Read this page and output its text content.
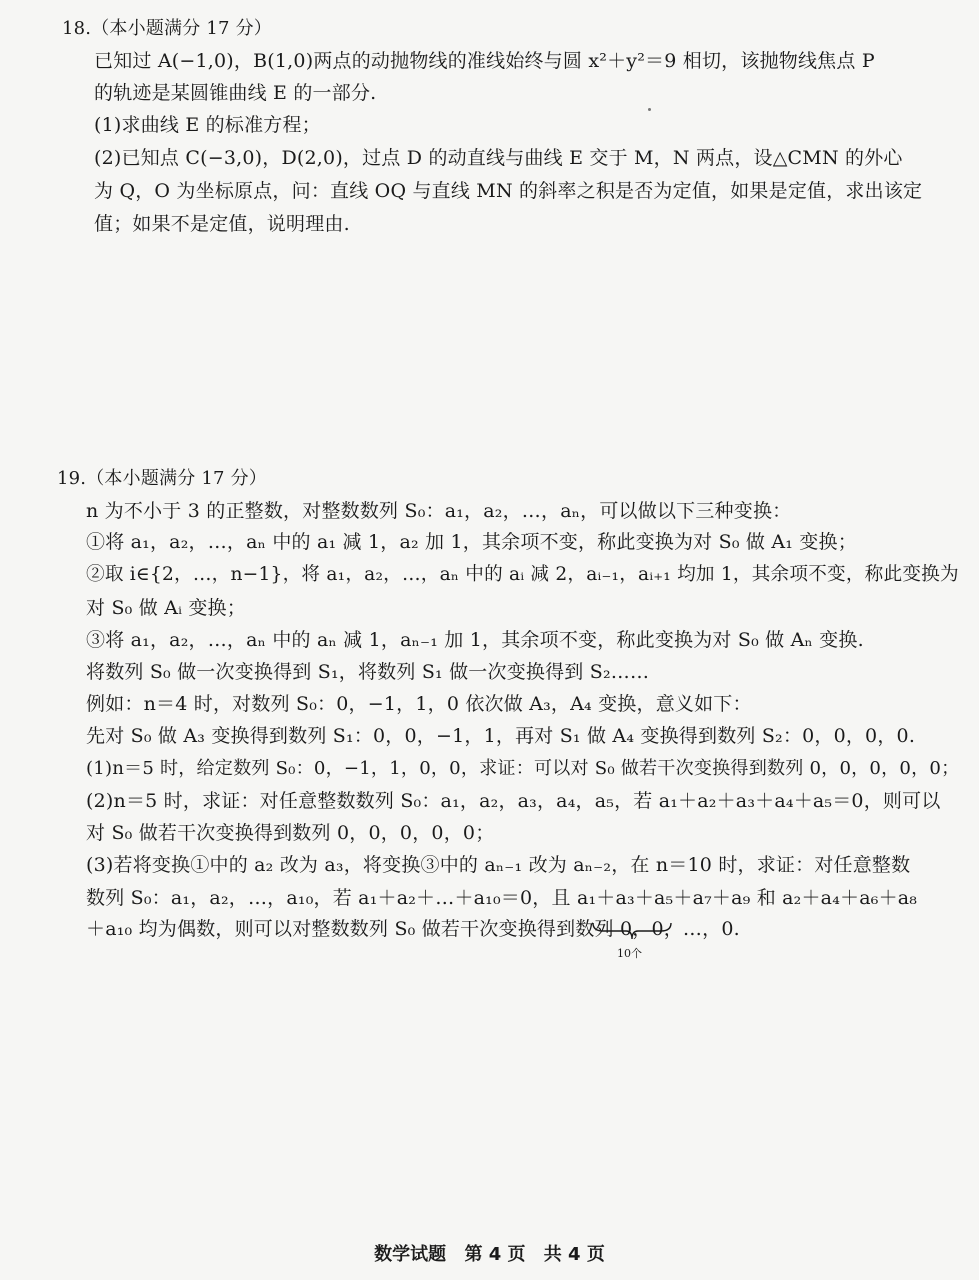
18.（本小题满分 17 分）
已知过 A(−1,0)，B(1,0)两点的动抛物线的准线始终与圆 x²＋y²＝9 相切，该抛物线焦点 P
的轨迹是某圆锥曲线 E 的一部分.
(1)求曲线 E 的标准方程；
(2)已知点 C(−3,0)，D(2,0)，过点 D 的动直线与曲线 E 交于 M，N 两点，设△CMN 的外心
为 Q，O 为坐标原点，问：直线 OQ 与直线 MN 的斜率之积是否为定值，如果是定值，求出该定
值；如果不是定值，说明理由.
19.（本小题满分 17 分）
n 为不小于 3 的正整数，对整数数列 S₀：a₁，a₂，…，aₙ，可以做以下三种变换：
①将 a₁，a₂，…，aₙ 中的 a₁ 减 1，a₂ 加 1，其余项不变，称此变换为对 S₀ 做 A₁ 变换；
②取 i∈{2，…，n−1}，将 a₁，a₂，…，aₙ 中的 aᵢ 减 2，aᵢ₋₁，aᵢ₊₁ 均加 1，其余项不变，称此变换为
对 S₀ 做 Aᵢ 变换；
③将 a₁，a₂，…，aₙ 中的 aₙ 减 1，aₙ₋₁ 加 1，其余项不变，称此变换为对 S₀ 做 Aₙ 变换.
将数列 S₀ 做一次变换得到 S₁，将数列 S₁ 做一次变换得到 S₂……
例如：n＝4 时，对数列 S₀：0，−1，1，0 依次做 A₃，A₄ 变换，意义如下：
先对 S₀ 做 A₃ 变换得到数列 S₁：0，0，−1，1，再对 S₁ 做 A₄ 变换得到数列 S₂：0，0，0，0.
(1)n＝5 时，给定数列 S₀：0，−1，1，0，0，求证：可以对 S₀ 做若干次变换得到数列 0，0，0，0，0；
(2)n＝5 时，求证：对任意整数数列 S₀：a₁，a₂，a₃，a₄，a₅，若 a₁＋a₂＋a₃＋a₄＋a₅＝0，则可以
对 S₀ 做若干次变换得到数列 0，0，0，0，0；
(3)若将变换①中的 a₂ 改为 a₃，将变换③中的 aₙ₋₁ 改为 aₙ₋₂，在 n＝10 时，求证：对任意整数
数列 S₀：a₁，a₂，…，a₁₀，若 a₁＋a₂＋…＋a₁₀＝0，且 a₁＋a₃＋a₅＋a₇＋a₉ 和 a₂＋a₄＋a₆＋a₈
＋a₁₀ 均为偶数，则可以对整数数列 S₀ 做若干次变换得到数列 0，0，…，0.
10个
数学试题 第 4 页 共 4 页
